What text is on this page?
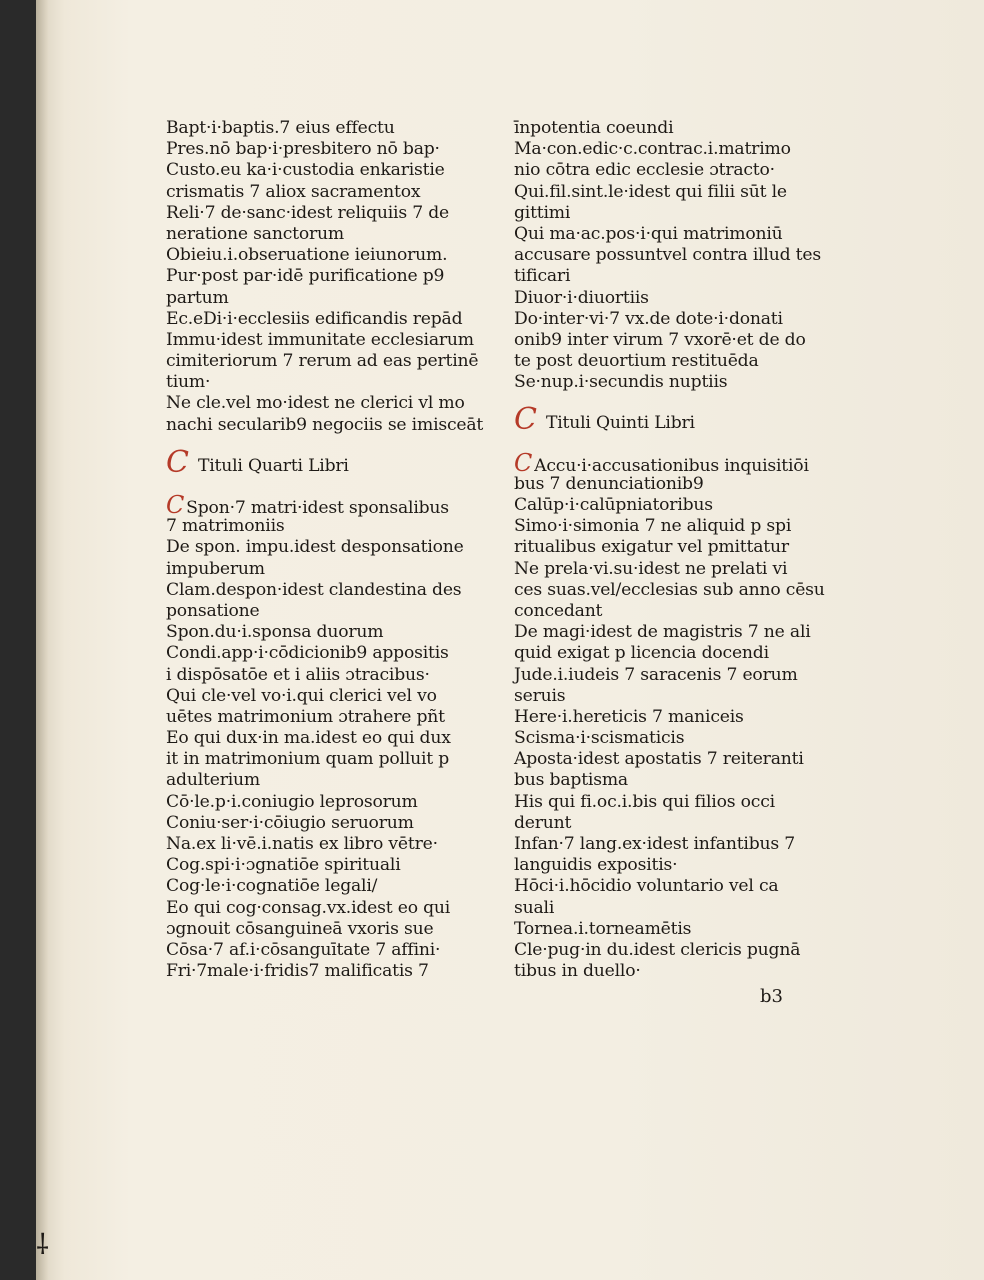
Bapt·i·baptis.7 eius effectu
Pres.nō bap·i·presbitero nō bap·
Custo.eu ka·i·custodia enkaristie
crismatis 7 aliox sacramentox
Reli·7 de·sanc·idest reliquiis 7 de
neratione sanctorum
Obieiu.i.obseruatione ieiunorum.
Pur·post par·idē purificatione p9
partum
Ec.eDi·i·ecclesiis edificandis repād
Immu·idest immunitate ecclesiarum
cimiteriorum 7 rerum ad eas pertinē
tium·
Ne cle.vel mo·idest ne clerici vl mo
nachi secularib9 negociis se imisceāt
C Tituli Quarti Libri
C Spon·7 matri·idest sponsalibus
7 matrimoniis
De spon. impu.idest desponsatione
impuberum
Clam.despon·idest clandestina des
ponsatione
Spon.du·i.sponsa duorum
Condi.app·i·cōdicionib9 appositis
i dispōsatōe et i aliis ɔtracibus·
Qui cle·vel vo·i.qui clerici vel vo
uētes matrimonium ɔtrahere pñt
Eo qui dux·in ma.idest eo qui dux
it in matrimonium quam polluit p
adulterium
Cō·le.p·i.coniugio leprosorum
Coniu·ser·i·cōiugio seruorum
Na.ex li·vē.i.natis ex libro vētre·
Cog.spi·i·ɔgnatiōe spirituali
Cog·le·i·cognatiōe legali/
Eo qui cog·consag.vx.idest eo qui
ɔgnouit cōsanguineā vxoris sue
Cōsa·7 af.i·cōsanguītate 7 affini·
Fri·7male·i·fridis7 malificatis 7
īnpotentia coeundi
Ma·con.edic·c.contrac.i.matrimo
nio cōtra edic ecclesie ɔtracto·
Qui.fil.sint.le·idest qui filii sūt le
gittimi
Qui ma·ac.pos·i·qui matrimoniū
accusare possuntvel contra illud tes
tificari
Diuor·i·diuortiis
Do·inter·vi·7 vx.de dote·i·donati
onib9 inter virum 7 vxorē·et de do
te post deuortium restituēda
Se·nup.i·secundis nuptiis
C Tituli Quinti Libri
C Accu·i·accusationibus inquisitiōi
bus 7 denunciationib9
Calūp·i·calūpniatoribus
Simo·i·simonia 7 ne aliquid p spi
ritualibus exigatur vel pmittatur
Ne prela·vi.su·idest ne prelati vi
ces suas.vel/ecclesias sub anno cēsu
concedant
De magi·idest de magistris 7 ne ali
quid exigat p licencia docendi
Jude.i.iudeis 7 saracenis 7 eorum
seruis
Here·i.hereticis 7 maniceis
Scisma·i·scismaticis
Aposta·idest apostatis 7 reiteranti
bus baptisma
His qui fi.oc.i.bis qui filios occi
derunt
Infan·7 lang.ex·idest infantibus 7
languidis expositis·
Hōci·i.hōcidio voluntario vel ca
suali
Tornea.i.torneamētis
Cle·pug·in du.idest clericis pugnā
tibus in duello·
b3
⸸
